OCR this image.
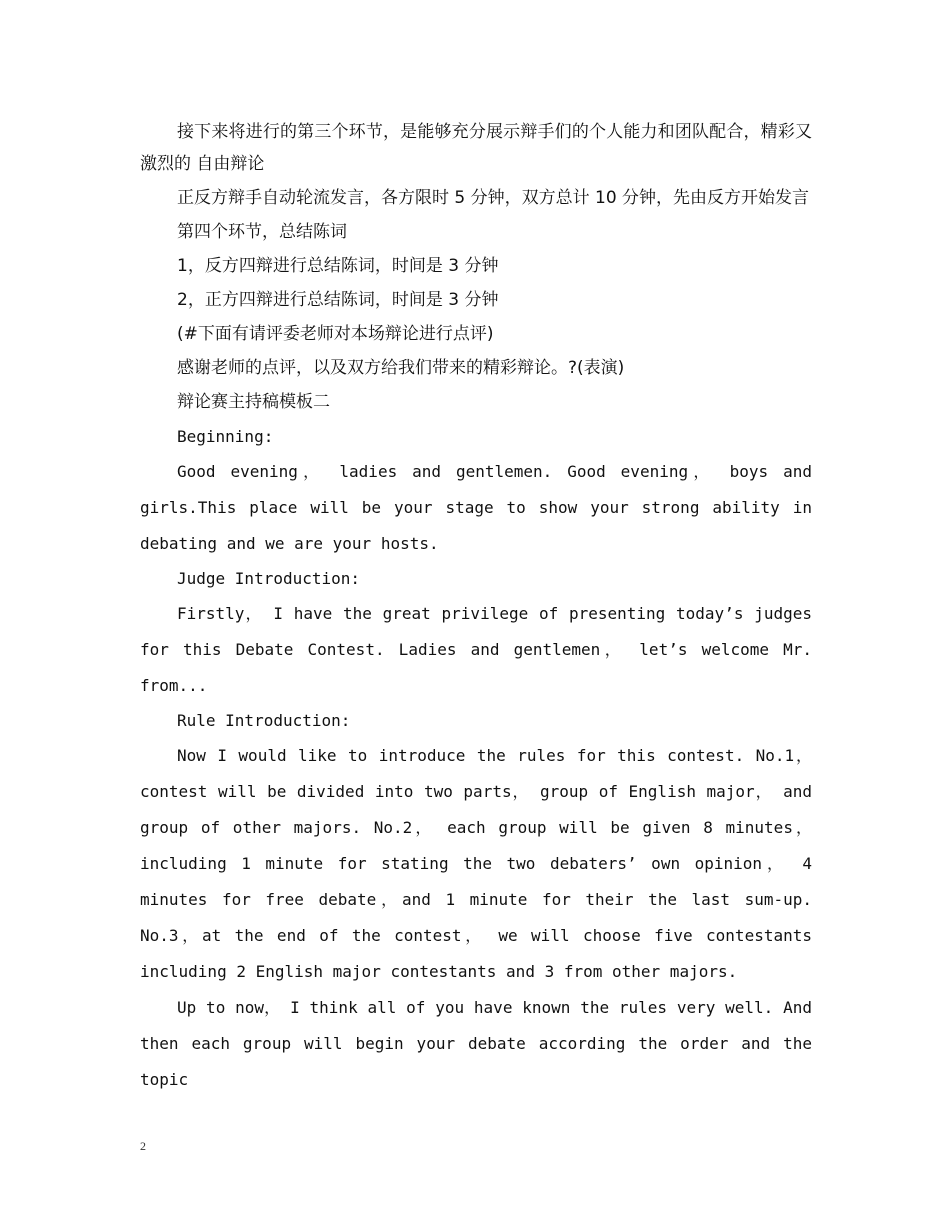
接下来将进行的第三个环节，是能够充分展示辩手们的个人能力和团队配合，精彩又激烈的 自由辩论

正反方辩手自动轮流发言，各方限时 5 分钟，双方总计 10 分钟，先由反方开始发言

第四个环节，总结陈词

1，反方四辩进行总结陈词，时间是 3 分钟

2，正方四辩进行总结陈词，时间是 3 分钟

(#下面有请评委老师对本场辩论进行点评)

感谢老师的点评，以及双方给我们带来的精彩辩论。?(表演)

辩论赛主持稿模板二

Beginning:

Good evening， ladies and gentlemen. Good evening， boys and girls.This place will be your stage to show your strong ability in debating and we are your hosts.

Judge Introduction:

Firstly， I have the great privilege of presenting today’s judges for this Debate Contest. Ladies and gentlemen， let’s welcome Mr. from...

Rule Introduction:

Now I would like to introduce the rules for this contest. No.1，contest will be divided into two parts， group of English major， and group of other majors. No.2， each group will be given 8 minutes，including 1 minute for stating the two debaters’ own opinion， 4 minutes for free debate，and 1 minute for their the last sum-up. No.3，at the end of the contest， we will choose five contestants including 2 English major contestants and 3 from other majors.

Up to now， I think all of you have known the rules very well. And then each group will begin your debate according the order and the topic

2
